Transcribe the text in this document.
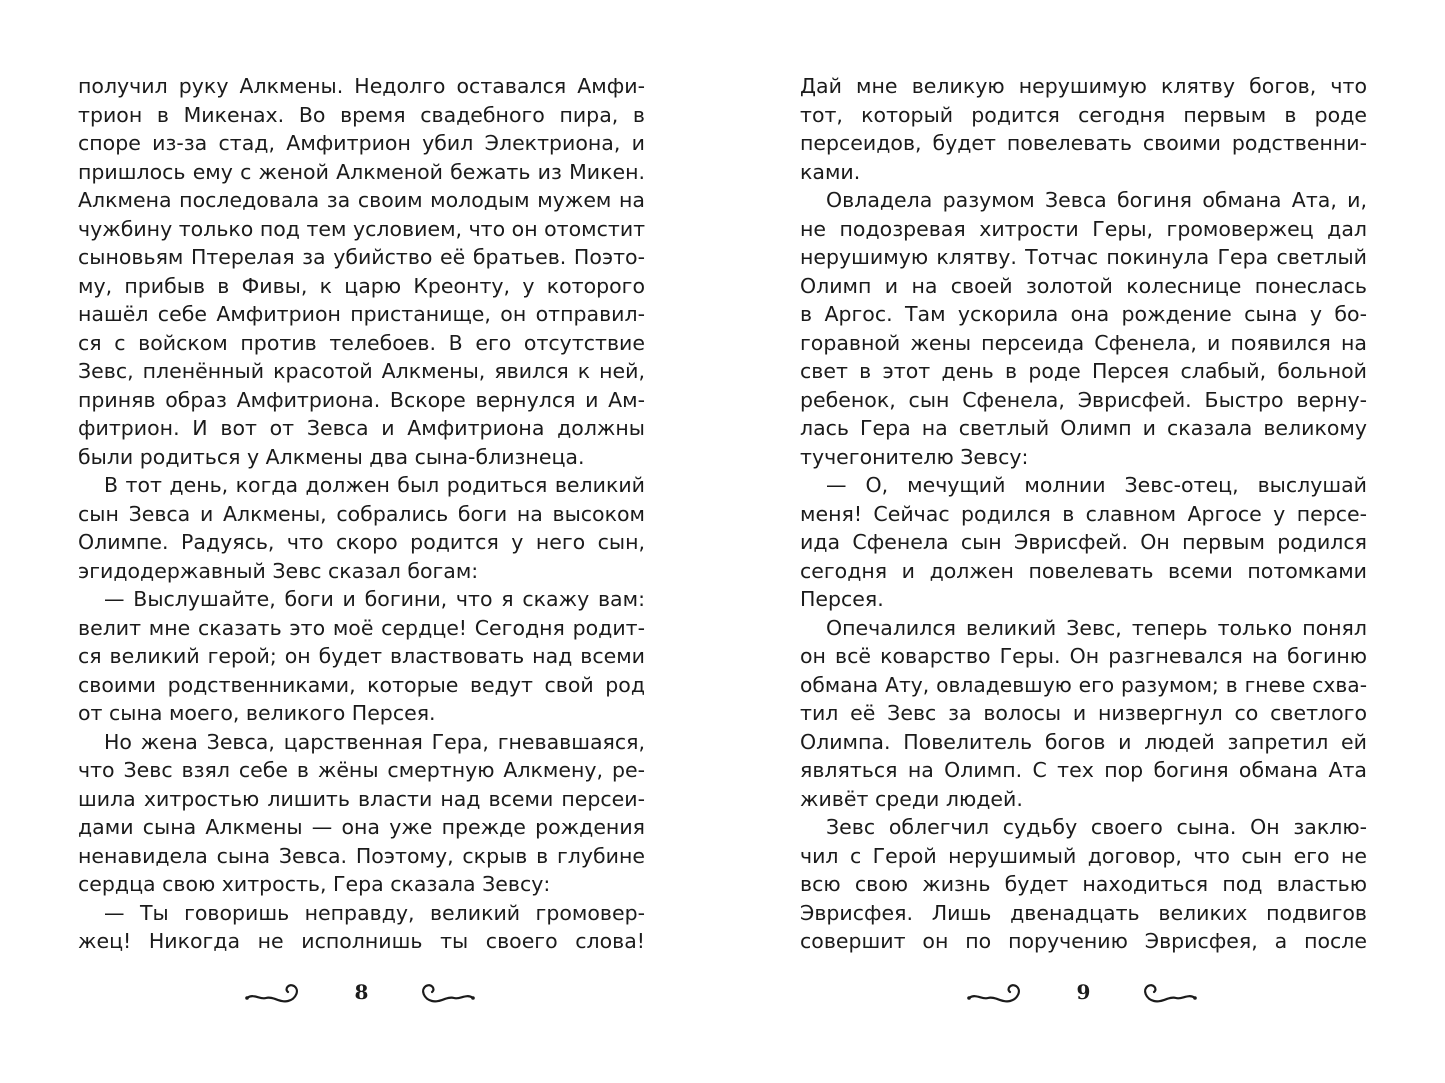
получил руку Алкмены. Недолго оставался Амфи-
трион в Микенах. Во время свадебного пира, в
споре из-за стад, Амфитрион убил Электриона, и
пришлось ему с женой Алкменой бежать из Микен.
Алкмена последовала за своим молодым мужем на
чужбину только под тем условием, что он отомстит
сыновьям Птерелая за убийство её братьев. Поэто-
му, прибыв в Фивы, к царю Креонту, у которого
нашёл себе Амфитрион пристанище, он отправил-
ся с войском против телебоев. В его отсутствие
Зевс, пленённый красотой Алкмены, явился к ней,
приняв образ Амфитриона. Вскоре вернулся и Ам-
фитрион. И вот от Зевса и Амфитриона должны
были родиться у Алкмены два сына-близнеца.
В тот день, когда должен был родиться великий
сын Зевса и Алкмены, собрались боги на высоком
Олимпе. Радуясь, что скоро родится у него сын,
эгидодержавный Зевс сказал богам:
— Выслушайте, боги и богини, что я скажу вам:
велит мне сказать это моё сердце! Сегодня родит-
ся великий герой; он будет властвовать над всеми
своими родственниками, которые ведут свой род
от сына моего, великого Персея.
Но жена Зевса, царственная Гера, гневавшаяся,
что Зевс взял себе в жёны смертную Алкмену, ре-
шила хитростью лишить власти над всеми персеи-
дами сына Алкмены — она уже прежде рождения
ненавидела сына Зевса. Поэтому, скрыв в глубине
сердца свою хитрость, Гера сказала Зевсу:
— Ты говоришь неправду, великий громовер-
жец! Никогда не исполнишь ты своего слова!
Дай мне великую нерушимую клятву богов, что
тот, который родится сегодня первым в роде
персеидов, будет повелевать своими родственни-
ками.
Овладела разумом Зевса богиня обмана Ата, и,
не подозревая хитрости Геры, громовержец дал
нерушимую клятву. Тотчас покинула Гера светлый
Олимп и на своей золотой колеснице понеслась
в Аргос. Там ускорила она рождение сына у бо-
горавной жены персеида Сфенела, и появился на
свет в этот день в роде Персея слабый, больной
ребенок, сын Сфенела, Эврисфей. Быстро верну-
лась Гера на светлый Олимп и сказала великому
тучегонителю Зевсу:
— О, мечущий молнии Зевс-отец, выслушай
меня! Сейчас родился в славном Аргосе у персе-
ида Сфенела сын Эврисфей. Он первым родился
сегодня и должен повелевать всеми потомками
Персея.
Опечалился великий Зевс, теперь только понял
он всё коварство Геры. Он разгневался на богиню
обмана Ату, овладевшую его разумом; в гневе схва-
тил её Зевс за волосы и низвергнул со светлого
Олимпа. Повелитель богов и людей запретил ей
являться на Олимп. С тех пор богиня обмана Ата
живёт среди людей.
Зевс облегчил судьбу своего сына. Он заклю-
чил с Герой нерушимый договор, что сын его не
всю свою жизнь будет находиться под властью
Эврисфея. Лишь двенадцать великих подвигов
совершит он по поручению Эврисфея, а после
8	9
